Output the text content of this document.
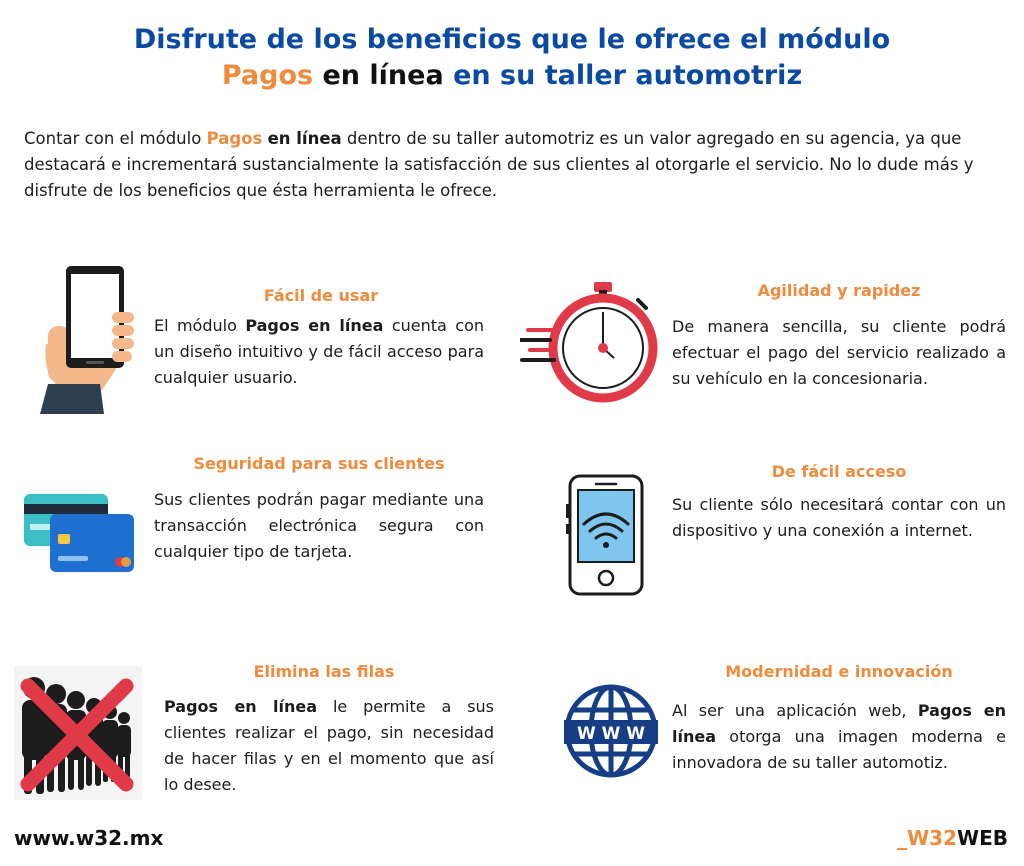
Disfrute de los beneficios que le ofrece el módulo
Pagos en línea en su taller automotriz

Contar con el módulo Pagos en línea dentro de su taller automotriz es un valor agregado en su agencia, ya que destacará e incrementará sustancialmente la satisfacción de sus clientes al otorgarle el servicio. No lo dude más y disfrute de los beneficios que ésta herramienta le ofrece.

Fácil de usar

El módulo Pagos en línea cuenta con un diseño intuitivo y de fácil acceso para cualquier usuario.

Agilidad y rapidez

De manera sencilla, su cliente podrá efectuar el pago del servicio realizado a su vehículo en la concesionaria.

Seguridad para sus clientes

Sus clientes podrán pagar mediante una transacción electrónica segura con cualquier tipo de tarjeta.

De fácil acceso

Su cliente sólo necesitará contar con un dispositivo y una conexión a internet.

Elimina las filas

Pagos en línea le permite a sus clientes realizar el pago, sin necesidad de hacer filas y en el momento que así lo desee.

W W W
Modernidad e innovación

Al ser una aplicación web, Pagos en línea otorga una imagen moderna e innovadora de su taller automotiz.

www.w32.mx	_W32WEB
